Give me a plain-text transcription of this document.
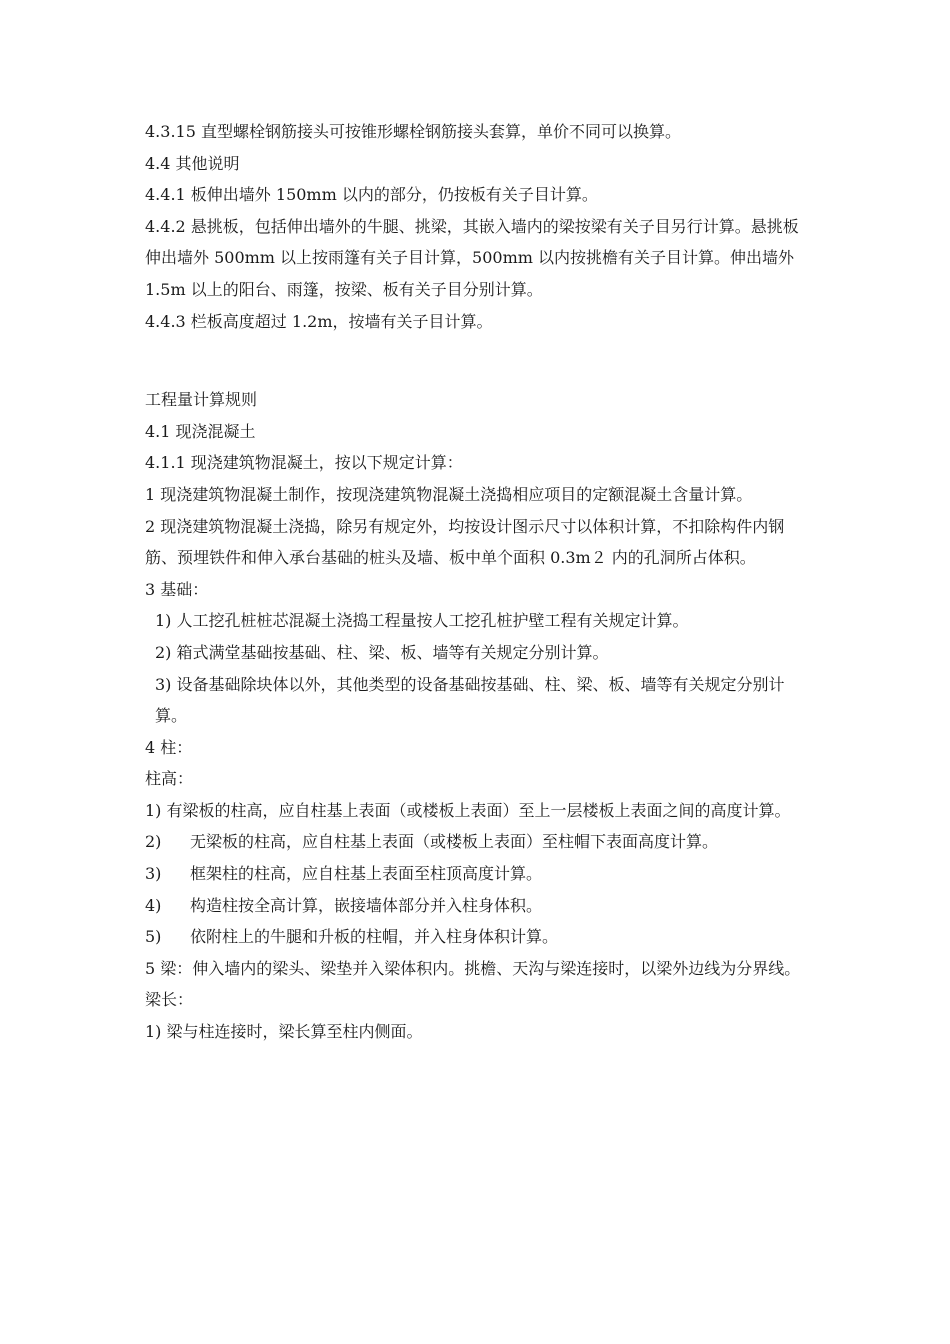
4.3.15 直型螺栓钢筋接头可按锥形螺栓钢筋接头套算，单价不同可以换算。

4.4 其他说明

4.4.1 板伸出墙外 150mm 以内的部分，仍按板有关子目计算。

4.4.2 悬挑板，包括伸出墙外的牛腿、挑梁，其嵌入墙内的梁按梁有关子目另行计算。悬挑板伸出墙外 500mm 以上按雨篷有关子目计算，500mm 以内按挑檐有关子目计算。伸出墙外 1.5m 以上的阳台、雨篷，按梁、板有关子目分别计算。

4.4.3 栏板高度超过 1.2m，按墙有关子目计算。

工程量计算规则

4.1 现浇混凝土

4.1.1 现浇建筑物混凝土，按以下规定计算：

1 现浇建筑物混凝土制作，按现浇建筑物混凝土浇捣相应项目的定额混凝土含量计算。

2 现浇建筑物混凝土浇捣，除另有规定外，均按设计图示尺寸以体积计算，不扣除构件内钢筋、预埋铁件和伸入承台基础的桩头及墙、板中单个面积 0.3m２ 内的孔洞所占体积。

3 基础：

1) 人工挖孔桩桩芯混凝土浇捣工程量按人工挖孔桩护壁工程有关规定计算。

2) 箱式满堂基础按基础、柱、梁、板、墙等有关规定分别计算。

3) 设备基础除块体以外，其他类型的设备基础按基础、柱、梁、板、墙等有关规定分别计算。

4 柱：

柱高：

1) 有梁板的柱高，应自柱基上表面（或楼板上表面）至上一层楼板上表面之间的高度计算。

2)	无梁板的柱高，应自柱基上表面（或楼板上表面）至柱帽下表面高度计算。
3)	框架柱的柱高，应自柱基上表面至柱顶高度计算。
4)	构造柱按全高计算，嵌接墙体部分并入柱身体积。
5)	依附柱上的牛腿和升板的柱帽，并入柱身体积计算。

5 梁：伸入墙内的梁头、梁垫并入梁体积内。挑檐、天沟与梁连接时，以梁外边线为分界线。

梁长：

1) 梁与柱连接时，梁长算至柱内侧面。
